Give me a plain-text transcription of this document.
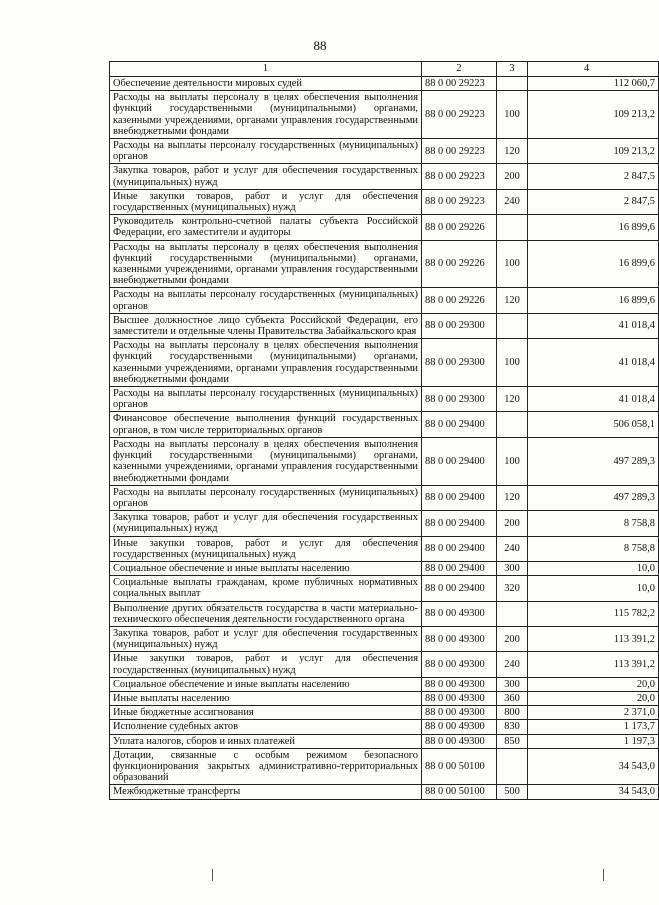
88
1	2	3	4
Обеспечение деятельности мировых судей	88 0 00 29223		112 060,7
Расходы на выплаты персоналу в целях обеспечения выполнения функций государственными (муниципальными) органами, казенными учреждениями, органами управления государственными внебюджетными фондами	88 0 00 29223	100	109 213,2
Расходы на выплаты персоналу государственных (муниципальных) органов	88 0 00 29223	120	109 213,2
Закупка товаров, работ и услуг для обеспечения государственных (муниципальных) нужд	88 0 00 29223	200	2 847,5
Иные закупки товаров, работ и услуг для обеспечения государственных (муниципальных) нужд	88 0 00 29223	240	2 847,5
Руководитель контрольно-счетной палаты субъекта Российской Федерации, его заместители и аудиторы	88 0 00 29226		16 899,6
Расходы на выплаты персоналу в целях обеспечения выполнения функций государственными (муниципальными) органами, казенными учреждениями, органами управления государственными внебюджетными фондами	88 0 00 29226	100	16 899,6
Расходы на выплаты персоналу государственных (муниципальных) органов	88 0 00 29226	120	16 899,6
Высшее должностное лицо субъекта Российской Федерации, его заместители и отдельные члены Правительства Забайкальского края	88 0 00 29300		41 018,4
Расходы на выплаты персоналу в целях обеспечения выполнения функций государственными (муниципальными) органами, казенными учреждениями, органами управления государственными внебюджетными фондами	88 0 00 29300	100	41 018,4
Расходы на выплаты персоналу государственных (муниципальных) органов	88 0 00 29300	120	41 018,4
Финансовое обеспечение выполнения функций государственных органов, в том числе территориальных органов	88 0 00 29400		506 058,1
Расходы на выплаты персоналу в целях обеспечения выполнения функций государственными (муниципальными) органами, казенными учреждениями, органами управления государственными внебюджетными фондами	88 0 00 29400	100	497 289,3
Расходы на выплаты персоналу государственных (муниципальных) органов	88 0 00 29400	120	497 289,3
Закупка товаров, работ и услуг для обеспечения государственных (муниципальных) нужд	88 0 00 29400	200	8 758,8
Иные закупки товаров, работ и услуг для обеспечения государственных (муниципальных) нужд	88 0 00 29400	240	8 758,8
Социальное обеспечение и иные выплаты населению	88 0 00 29400	300	10,0
Социальные выплаты гражданам, кроме публичных нормативных социальных выплат	88 0 00 29400	320	10,0
Выполнение других обязательств государства в части материально-технического обеспечения деятельности государственного органа	88 0 00 49300		115 782,2
Закупка товаров, работ и услуг для обеспечения государственных (муниципальных) нужд	88 0 00 49300	200	113 391,2
Иные закупки товаров, работ и услуг для обеспечения государственных (муниципальных) нужд	88 0 00 49300	240	113 391,2
Социальное обеспечение и иные выплаты населению	88 0 00 49300	300	20,0
Иные выплаты населению	88 0 00 49300	360	20,0
Иные бюджетные ассигнования	88 0 00 49300	800	2 371,0
Исполнение судебных актов	88 0 00 49300	830	1 173,7
Уплата налогов, сборов и иных платежей	88 0 00 49300	850	1 197,3
Дотации, связанные с особым режимом безопасного функционирования закрытых административно-территориальных образований	88 0 00 50100		34 543,0
Межбюджетные трансферты	88 0 00 50100	500	34 543,0
